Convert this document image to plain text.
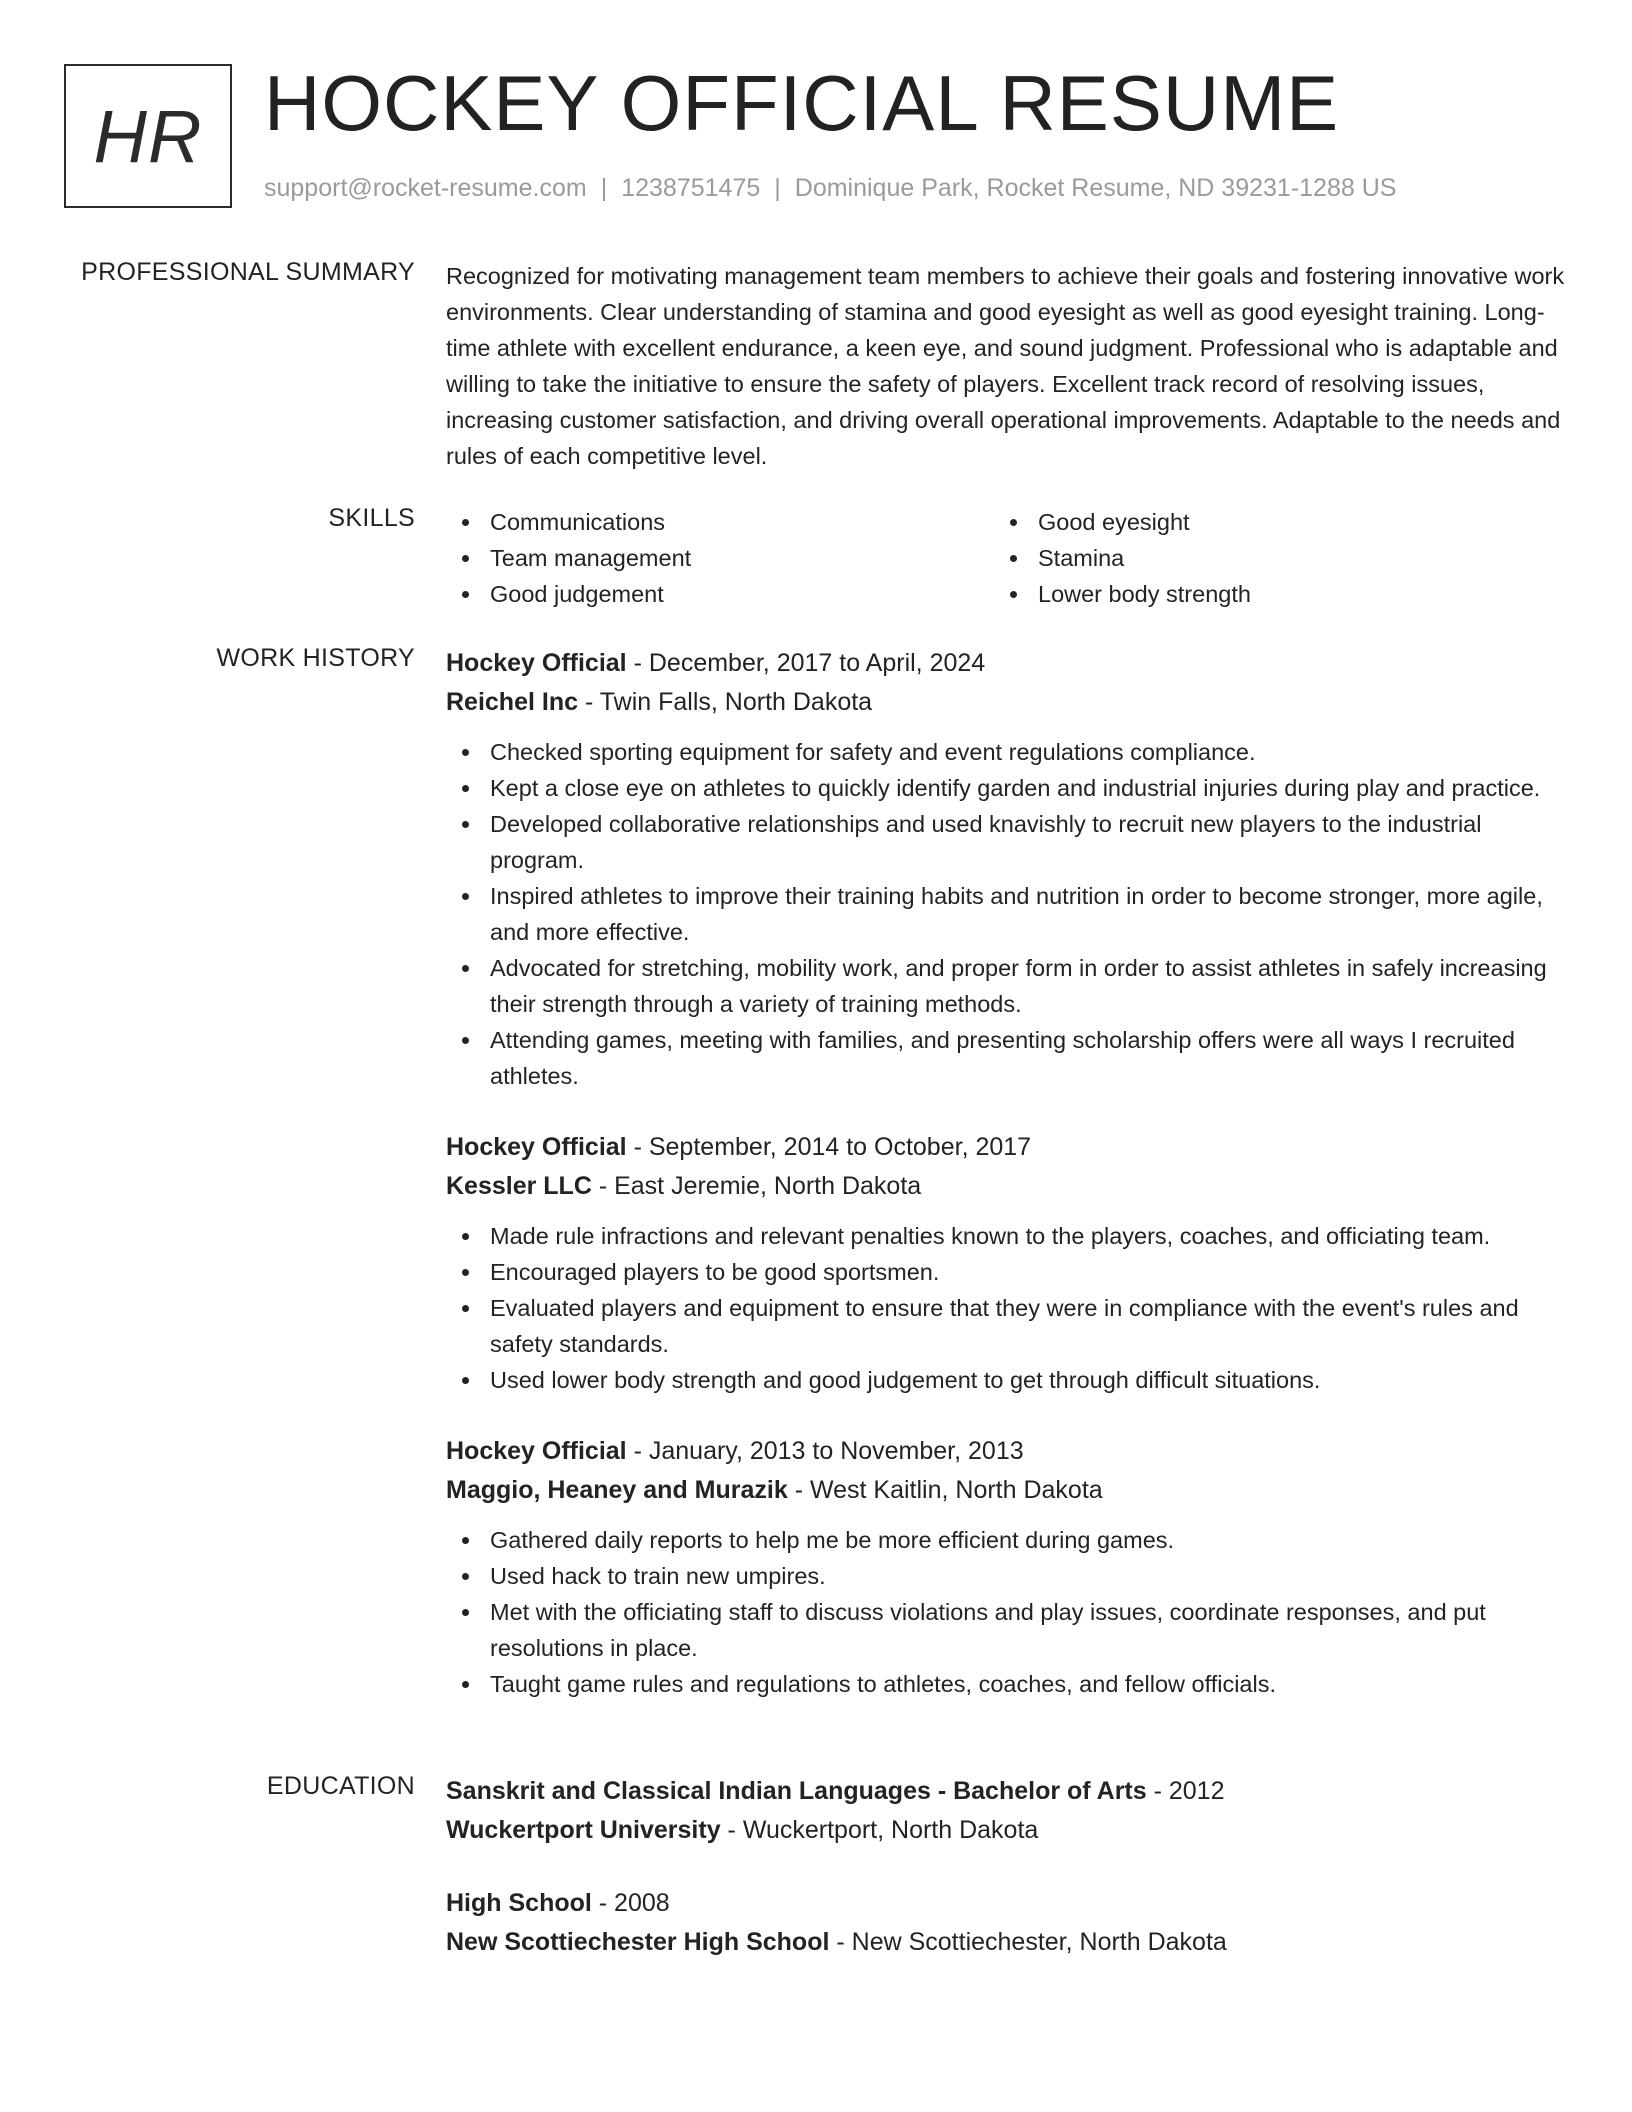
HR HOCKEY OFFICIAL RESUME
support@rocket-resume.com | 1238751475 | Dominique Park, Rocket Resume, ND 39231-1288 US
PROFESSIONAL SUMMARY Recognized for motivating management team members to achieve their goals and fostering innovative work environments. Clear understanding of stamina and good eyesight as well as good eyesight training. Long-time athlete with excellent endurance, a keen eye, and sound judgment. Professional who is adaptable and willing to take the initiative to ensure the safety of players. Excellent track record of resolving issues, increasing customer satisfaction, and driving overall operational improvements. Adaptable to the needs and rules of each competitive level.

SKILLS	Communications
Team management
Good judgement
Good eyesight
Stamina
Lower body strength
WORK HISTORY Hockey Official - December, 2017 to April, 2024
Reichel Inc - Twin Falls, North Dakota
Checked sporting equipment for safety and event regulations compliance.
Kept a close eye on athletes to quickly identify garden and industrial injuries during play and practice.
Developed collaborative relationships and used knavishly to recruit new players to the industrial program.
Inspired athletes to improve their training habits and nutrition in order to become stronger, more agile, and more effective.
Advocated for stretching, mobility work, and proper form in order to assist athletes in safely increasing their strength through a variety of training methods.
Attending games, meeting with families, and presenting scholarship offers were all ways I recruited athletes.
Hockey Official - September, 2014 to October, 2017
Kessler LLC - East Jeremie, North Dakota
Made rule infractions and relevant penalties known to the players, coaches, and officiating team.
Encouraged players to be good sportsmen.
Evaluated players and equipment to ensure that they were in compliance with the event's rules and safety standards.
Used lower body strength and good judgement to get through difficult situations.
Hockey Official - January, 2013 to November, 2013
Maggio, Heaney and Murazik - West Kaitlin, North Dakota
Gathered daily reports to help me be more efficient during games.
Used hack to train new umpires.
Met with the officiating staff to discuss violations and play issues, coordinate responses, and put resolutions in place.
Taught game rules and regulations to athletes, coaches, and fellow officials.
EDUCATION Sanskrit and Classical Indian Languages - Bachelor of Arts - 2012
Wuckertport University - Wuckertport, North Dakota
High School - 2008
New Scottiechester High School - New Scottiechester, North Dakota
